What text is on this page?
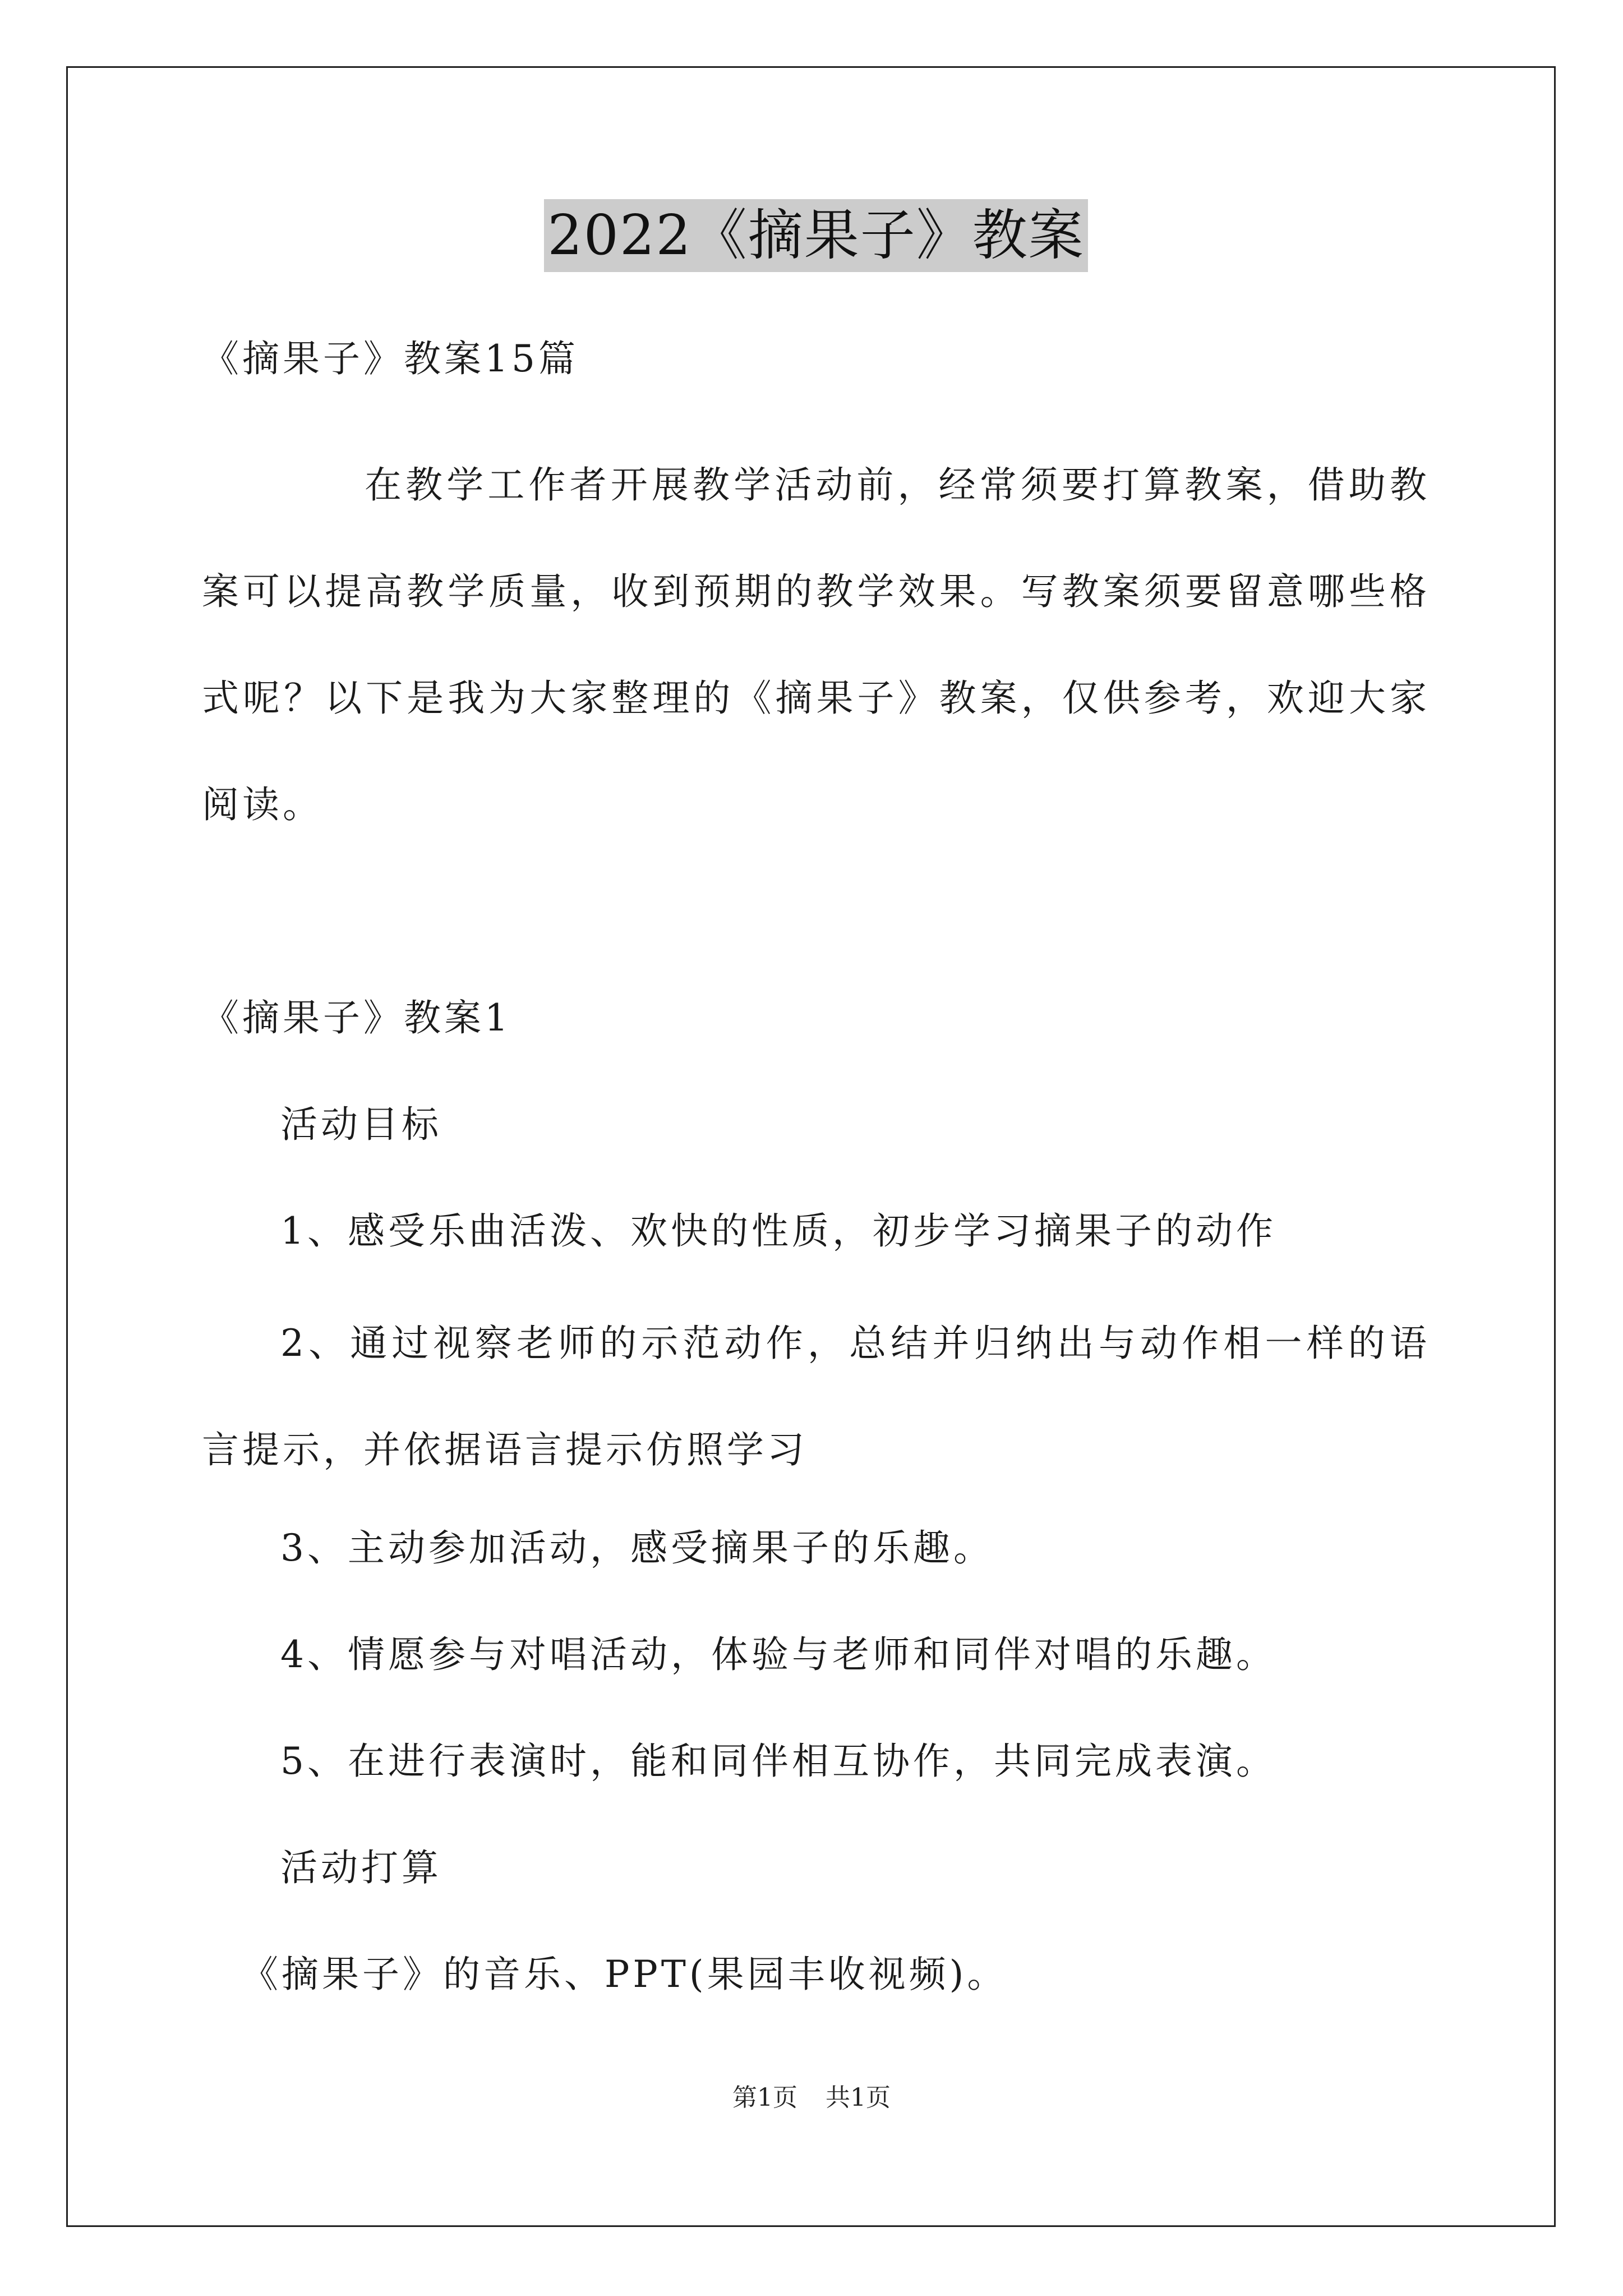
2022《摘果子》教案
《摘果子》教案15篇
在教学工作者开展教学活动前，经常须要打算教案，借助教案可以提高教学质量，收到预期的教学效果。写教案须要留意哪些格式呢？以下是我为大家整理的《摘果子》教案，仅供参考，欢迎大家阅读。
《摘果子》教案1
活动目标
1、感受乐曲活泼、欢快的性质，初步学习摘果子的动作
2、通过视察老师的示范动作，总结并归纳出与动作相一样的语言提示，并依据语言提示仿照学习
3、主动参加活动，感受摘果子的乐趣。
4、情愿参与对唱活动，体验与老师和同伴对唱的乐趣。
5、在进行表演时，能和同伴相互协作，共同完成表演。
活动打算
《摘果子》的音乐、PPT(果园丰收视频)。
第1页 共1页
